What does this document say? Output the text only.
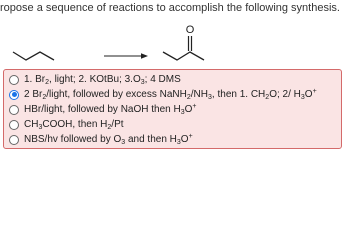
ropose a sequence of reactions to accomplish the following synthesis.
O
1. $Br_2$, light; 2. KOtBu; $3.O_3$; 4 DMS
2 $Br_2$/light, followed by excess $NaNH_2/NH_3$, then 1. $CH_2O$; 2/ $H_3O^+$
HBr/light, followed by NaOH then $H_3O^+$
$CH_3COOH$, then $H_2/Pt$
NBS/hv followed by $O_3$ and then $H_3O^+$
